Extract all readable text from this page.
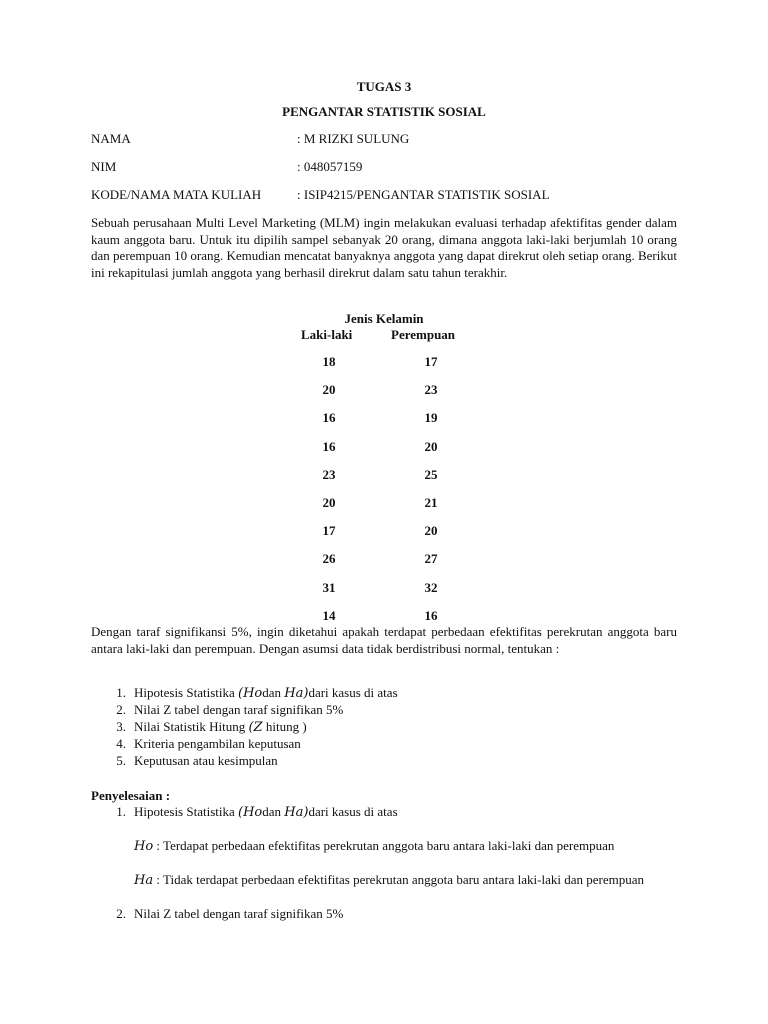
TUGAS 3
PENGANTAR STATISTIK SOSIAL
NAMA	: M RIZKI SULUNG
NIM	: 048057159
KODE/NAMA MATA KULIAH	: ISIP4215/PENGANTAR STATISTIK SOSIAL
Sebuah perusahaan Multi Level Marketing (MLM) ingin melakukan evaluasi terhadap afektifitas gender dalam kaum anggota baru. Untuk itu dipilih sampel sebanyak 20 orang, dimana anggota laki-laki berjumlah 10 orang dan perempuan 10 orang. Kemudian mencatat banyaknya anggota yang dapat direkrut oleh setiap orang. Berikut ini rekapitulasi jumlah anggota yang berhasil direkrut dalam satu tahun terakhir.
Jenis Kelamin
Laki-laki	Perempuan
18	17
20	23
16	19
16	20
23	25
20	21
17	20
26	27
31	32
14	16
Dengan taraf signifikansi 5%, ingin diketahui apakah terdapat perbedaan efektifitas perekrutan anggota baru antara laki-laki dan perempuan. Dengan asumsi data tidak berdistribusi normal, tentukan :
1. Hipotesis Statistika (Hodan Ha)dari kasus di atas
2. Nilai Z tabel dengan taraf signifikan 5%
3. Nilai Statistik Hitung (Z hitung )
4. Kriteria pengambilan keputusan
5. Keputusan atau kesimpulan
Penyelesaian :
1. Hipotesis Statistika (Hodan Ha)dari kasus di atas
Ho : Terdapat perbedaan efektifitas perekrutan anggota baru antara laki-laki dan perempuan
Ha : Tidak terdapat perbedaan efektifitas perekrutan anggota baru antara laki-laki dan perempuan
2. Nilai Z tabel dengan taraf signifikan 5%
